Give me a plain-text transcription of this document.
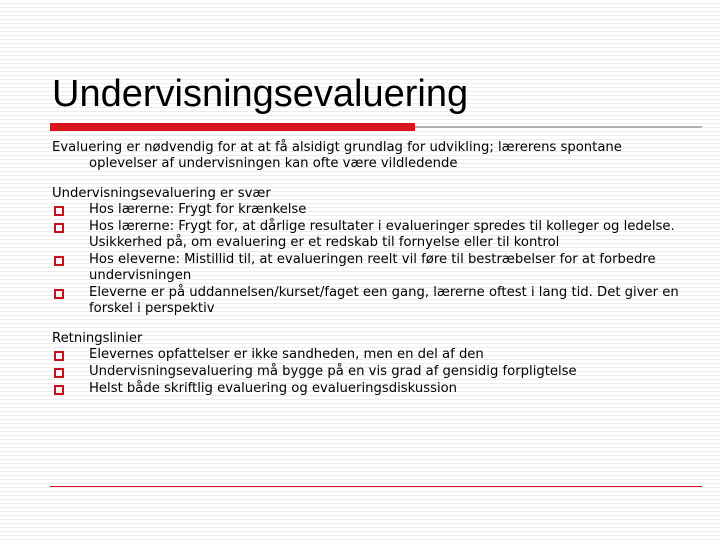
Undervisningsevaluering

Evaluering er nødvendig for at at få alsidigt grundlag for udvikling; lærerens spontane oplevelser af undervisningen kan ofte være vildledende

Undervisningsevaluering er svær

Hos lærerne: Frygt for krænkelse
Hos lærerne: Frygt for, at dårlige resultater i evalueringer spredes til kolleger og ledelse. Usikkerhed på, om evaluering er et redskab til fornyelse eller til kontrol
Hos eleverne: Mistillid til, at evalueringen reelt vil føre til bestræbelser for at forbedre undervisningen
Eleverne er på uddannelsen/kurset/faget een gang, lærerne oftest i lang tid. Det giver en forskel i perspektiv

Retningslinier

Elevernes opfattelser er ikke sandheden, men en del af den
Undervisningsevaluering må bygge på en vis grad af gensidig forpligtelse
Helst både skriftlig evaluering og evalueringsdiskussion
